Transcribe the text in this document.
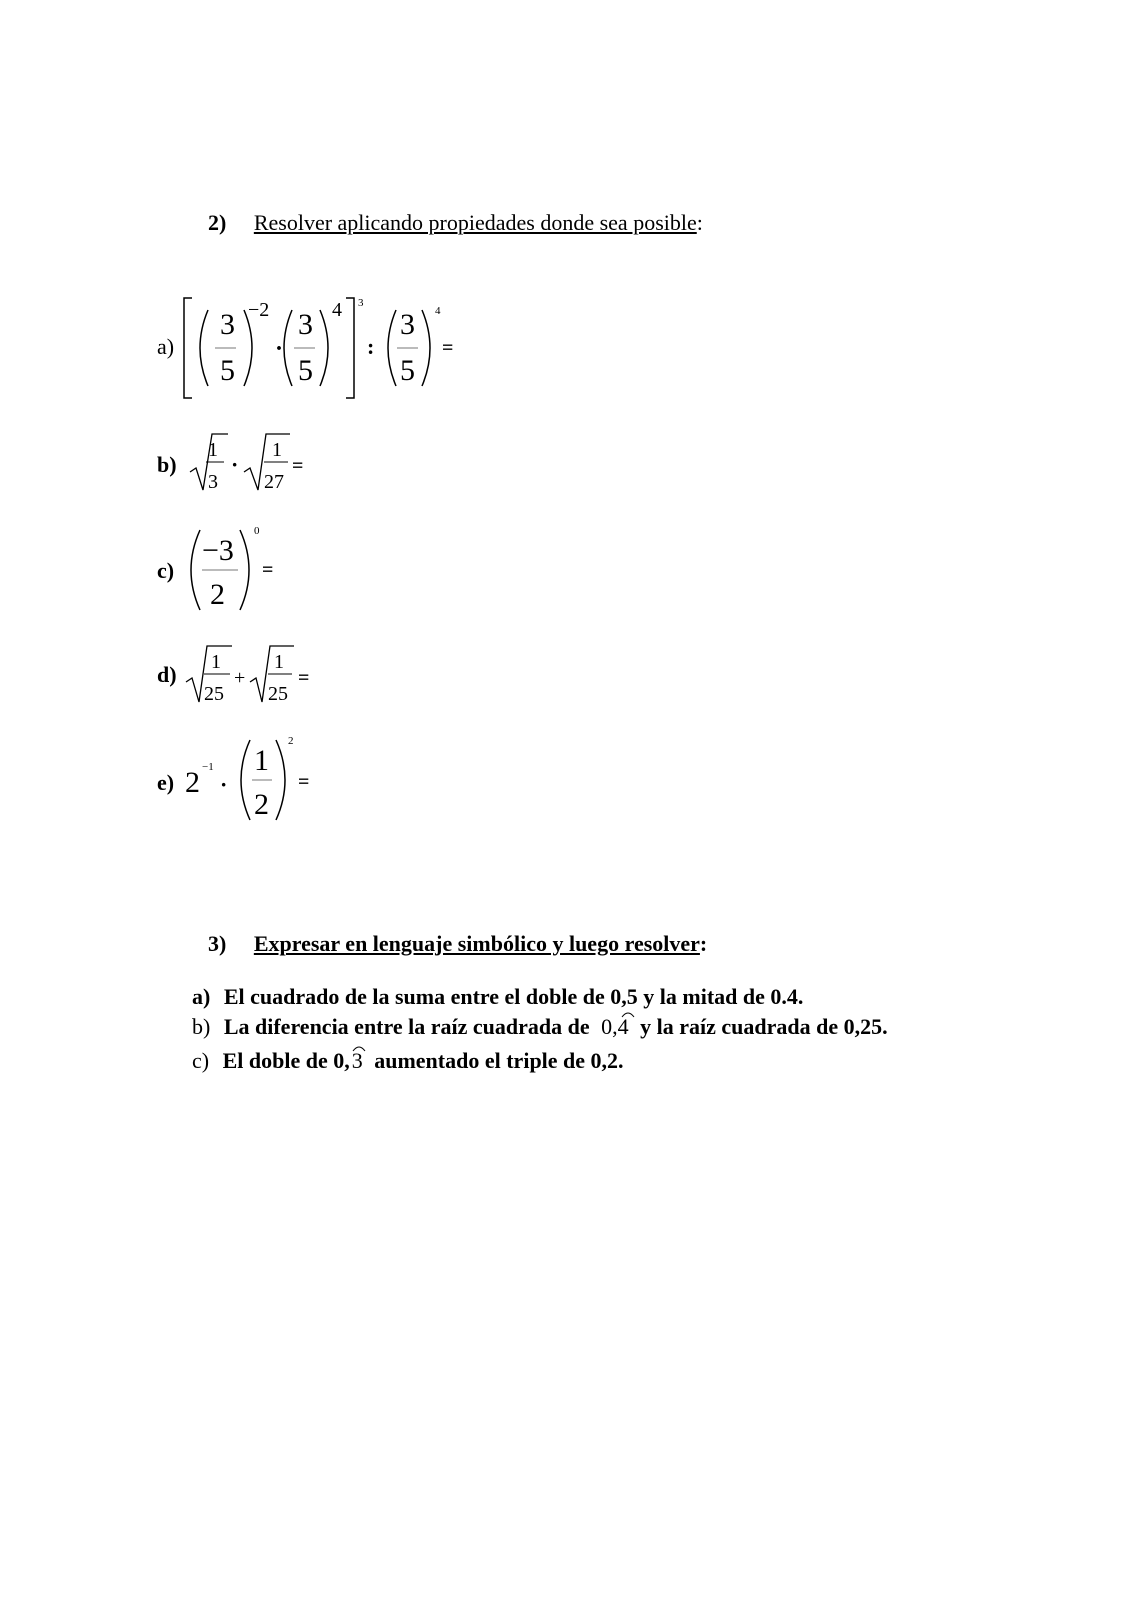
2) Resolver aplicando propiedades donde sea posible:
a)
3
5
−2
·
3
5
4 3
:
3
5
4
=
b)
1
3
·
1
27
=
c)
−3
2
0
=
d) 1
25
+
1
25
=
e) 2 −1
·
1
2
2
=
3) Expresar en lenguaje simbólico y luego resolver:
a) El cuadrado de la suma entre el doble de 0,5 y la mitad de 0.4.
b) La diferencia entre la raíz cuadrada de 0,4 y la raíz cuadrada de 0,25.
c) El doble de 0,3 aumentado el triple de 0,2.
